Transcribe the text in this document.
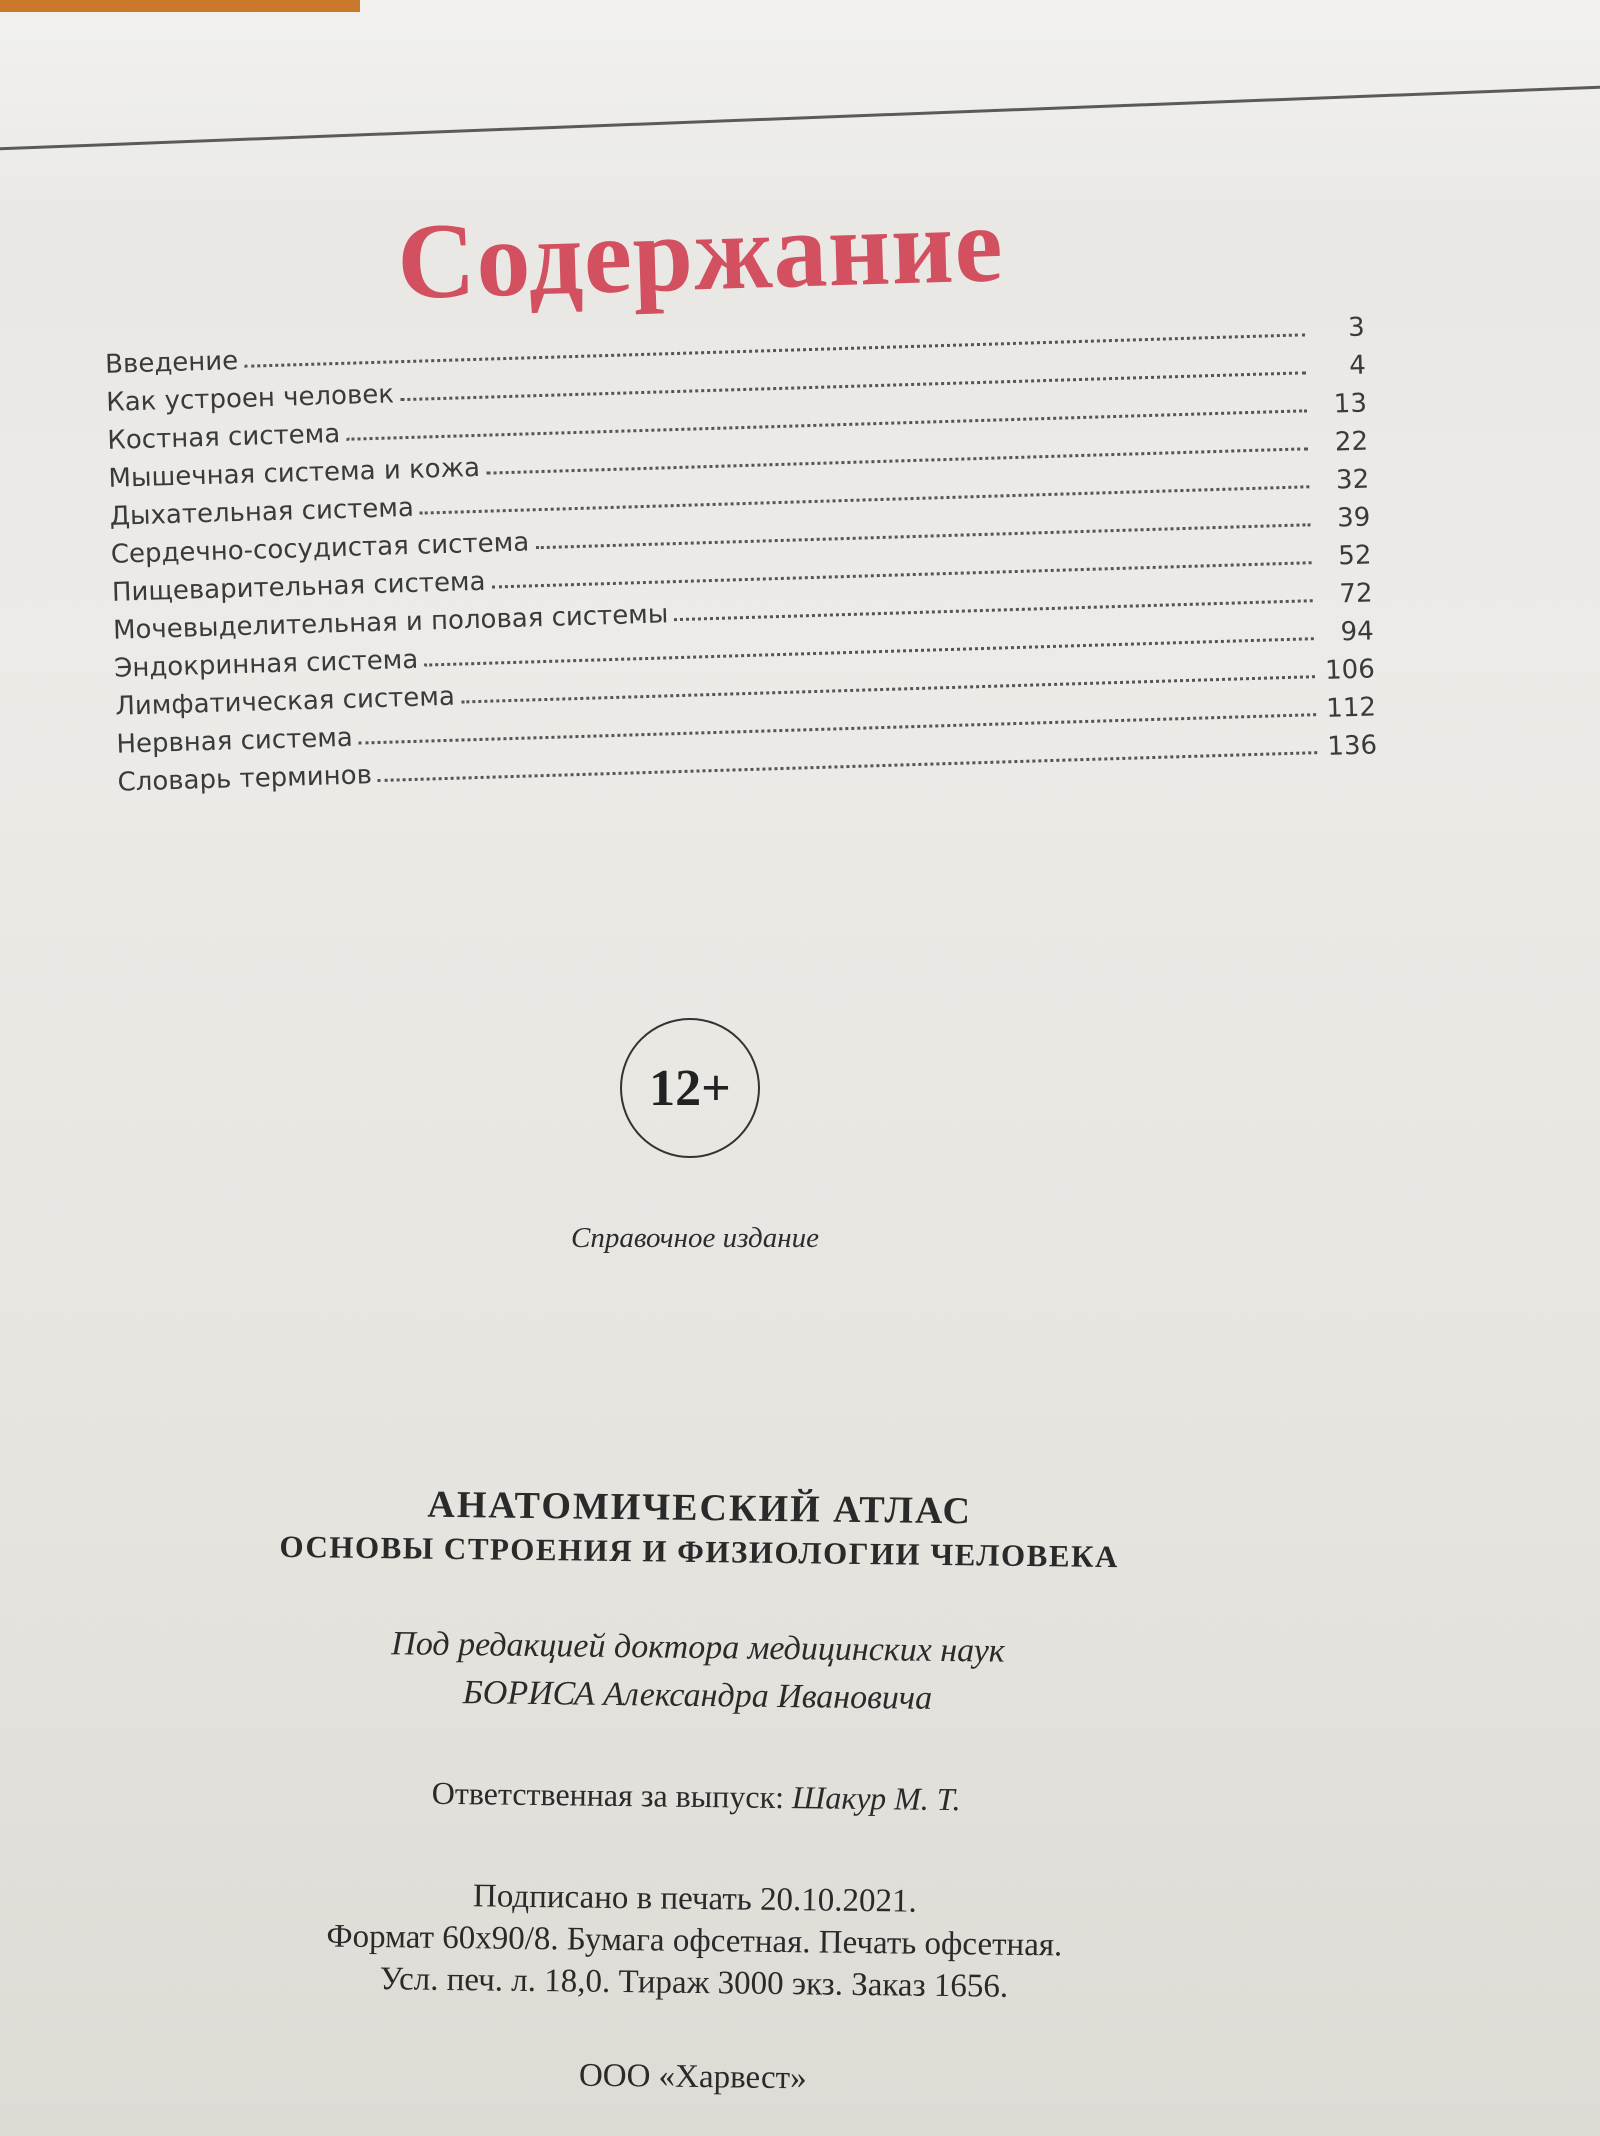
Содержание
Введение
3
Как устроен человек
4
Костная система
13
Мышечная система и кожа
22
Дыхательная система
32
Сердечно-сосудистая система
39
Пищеварительная система
52
Мочевыделительная и половая системы
72
Эндокринная система
94
Лимфатическая система
106
Нервная система
112
Словарь терминов
136
12+
Справочное издание
АНАТОМИЧЕСКИЙ АТЛАС
ОСНОВЫ СТРОЕНИЯ И ФИЗИОЛОГИИ ЧЕЛОВЕКА
Под редакцией доктора медицинских наук
БОРИСА Александра Ивановича
Ответственная за выпуск: Шакур М. Т.
Подписано в печать 20.10.2021.
Формат 60х90/8. Бумага офсетная. Печать офсетная.
Усл. печ. л. 18,0. Тираж 3000 экз. Заказ 1656.
ООО «Харвест»
